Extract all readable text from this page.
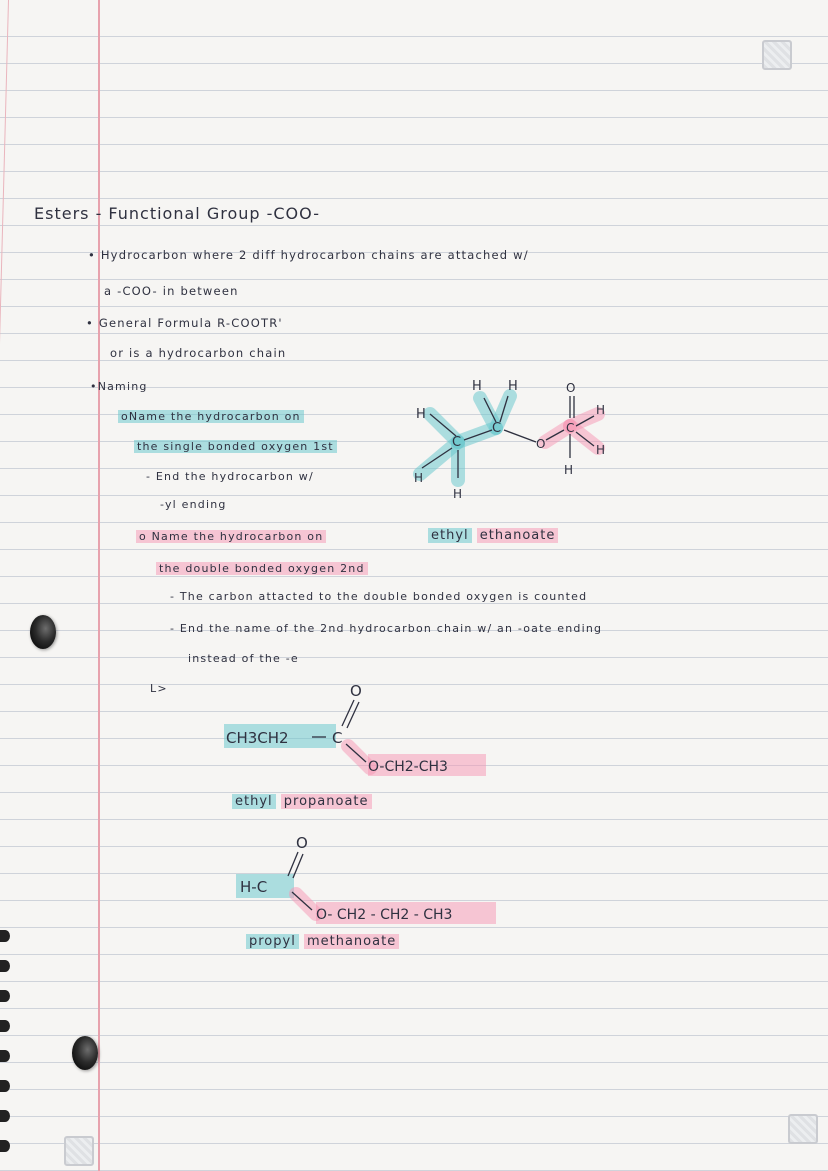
Esters - Functional Group -COO-
• Hydrocarbon where 2 diff hydrocarbon chains are attached w/
a -COO- in between
• General Formula R-COOTR'
or is a hydrocarbon chain
•Naming
oName the hydrocarbon on
the single bonded oxygen 1st
- End the hydrocarbon w/
-yl ending
o Name the hydrocarbon on
the double bonded oxygen 2nd
- The carbon attacted to the double bonded oxygen is counted
- End the name of the 2nd hydrocarbon chain w/ an -oate ending
instead of the -e
L>
H
H H
H
C
C
O
C
O
H
H
H
H
ethyl ethanoate
CH3CH2
O
C
O-CH2-CH3
ethyl propanoate
H-C
O
O- CH2 - CH2 - CH3
propyl methanoate
